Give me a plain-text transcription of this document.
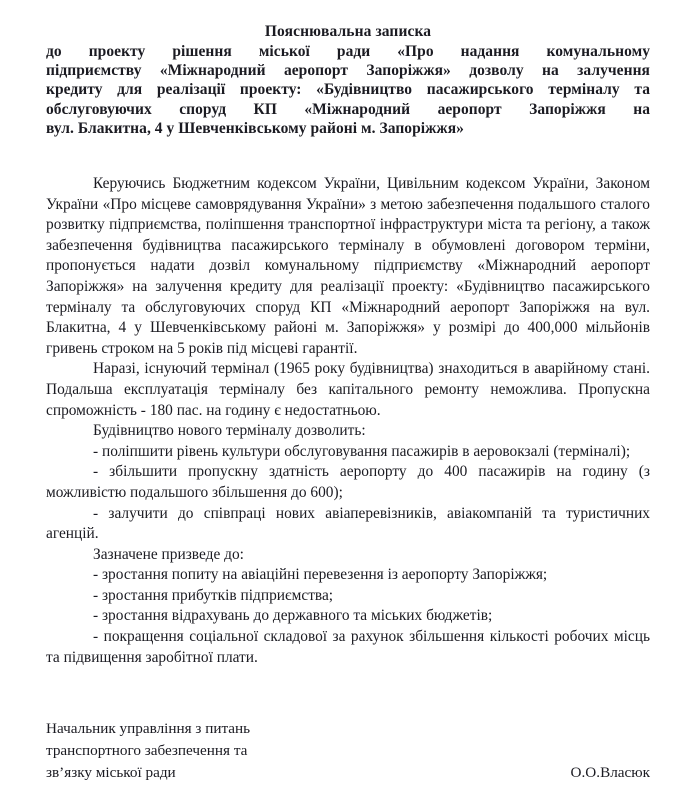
Пояснювальна записка
до проекту рішення міської ради «Про надання комунальному
підприємству «Міжнародний аеропорт Запоріжжя» дозволу на залучення
кредиту для реалізації проекту: «Будівництво пасажирського терміналу та
обслуговуючих споруд КП «Міжнародний аеропорт Запоріжжя на
вул. Блакитна, 4 у Шевченківському районі м. Запоріжжя»

Керуючись Бюджетним кодексом України, Цивільним кодексом України, Законом України «Про місцеве самоврядування України» з метою забезпечення подальшого сталого розвитку підприємства, поліпшення транспортної інфраструктури міста та регіону, а також забезпечення будівництва пасажирського терміналу в обумовлені договором терміни, пропонується надати дозвіл комунальному підприємству «Міжнародний аеропорт Запоріжжя» на залучення кредиту для реалізації проекту: «Будівництво пасажирського терміналу та обслуговуючих споруд КП «Міжнародний аеропорт Запоріжжя на вул. Блакитна, 4 у Шевченківському районі м. Запоріжжя» у розмірі до 400,000 мільйонів гривень строком на 5 років під місцеві гарантії.

Наразі, існуючий термінал (1965 року будівництва) знаходиться в аварійному стані. Подальша експлуатація терміналу без капітального ремонту неможлива. Пропускна спроможність - 180 пас. на годину є недостатньою.

Будівництво нового терміналу дозволить:

- поліпшити рівень культури обслуговування пасажирів в аеровокзалі (терміналі);

- збільшити пропускну здатність аеропорту до 400 пасажирів на годину (з можливістю подальшого збільшення до 600);

- залучити до співпраці нових авіаперевізників, авіакомпаній та туристичних агенцій.

Зазначене призведе до:

- зростання попиту на авіаційні перевезення із аеропорту Запоріжжя;

- зростання прибутків підприємства;

- зростання відрахувань до державного та міських бюджетів;

- покращення соціальної складової за рахунок збільшення кількості робочих місць та підвищення заробітної плати.

Начальник управління з питань
транспортного забезпечення та
зв’язку міської ради	О.О.Власюк
